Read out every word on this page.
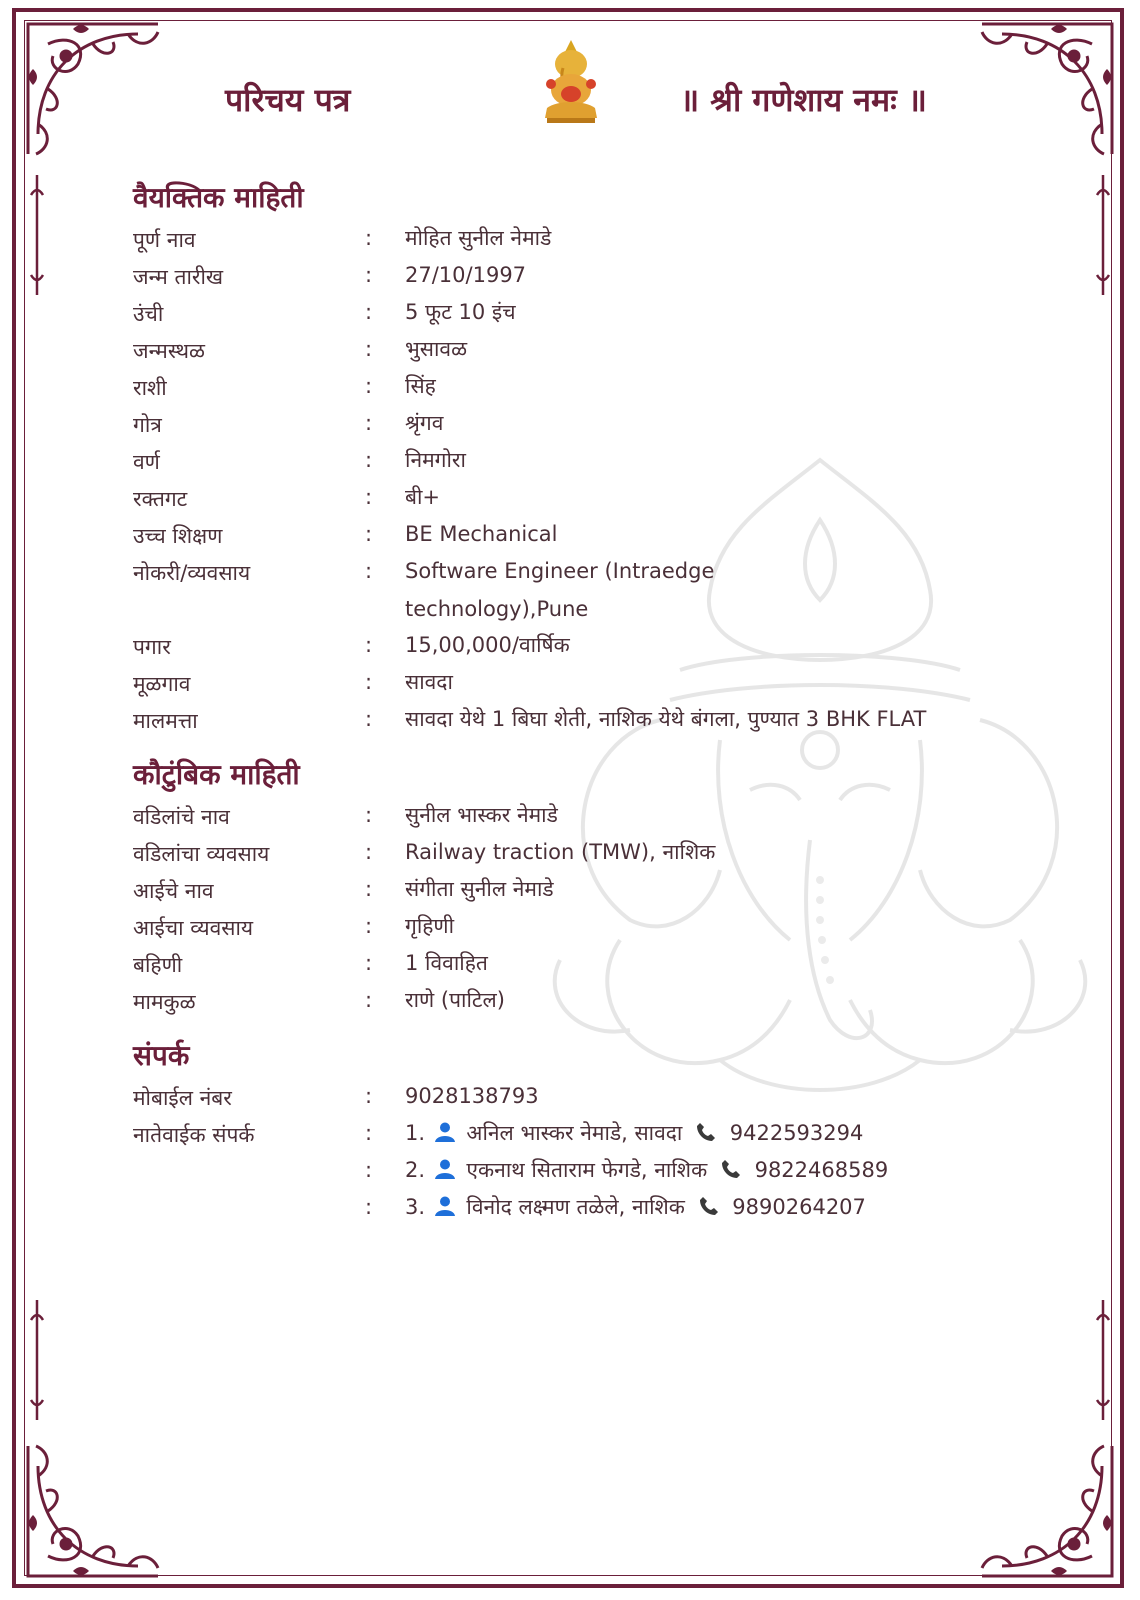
परिचय पत्र	॥ श्री गणेशाय नमः ॥
वैयक्तिक माहिती
पूर्ण नाव	: मोहित सुनील नेमाडे
जन्म तारीख	: 27/10/1997
उंची	: 5 फूट 10 इंच
जन्मस्थळ	: भुसावळ
राशी	: सिंह
गोत्र	: श्रृंगव
वर्ण	: निमगोरा
रक्तगट	: बी+
उच्च शिक्षण	: BE Mechanical
नोकरी/व्यवसाय	: Software Engineer (Intraedge technology),Pune
पगार	: 15,00,000/वार्षिक
मूळगाव	: सावदा
मालमत्ता	: सावदा येथे 1 बिघा शेती, नाशिक येथे बंगला, पुण्यात 3 BHK FLAT
कौटुंबिक माहिती
वडिलांचे नाव	: सुनील भास्कर नेमाडे
वडिलांचा व्यवसाय	: Railway traction (TMW), नाशिक
आईचे नाव	: संगीता सुनील नेमाडे
आईचा व्यवसाय	: गृहिणी
बहिणी	: 1 विवाहित
मामकुळ	: राणे (पाटिल)
संपर्क
मोबाईल नंबर	: 9028138793
नातेवाईक संपर्क	: 1. अनिल भास्कर नेमाडे, सावदा 9422593294
: 2. एकनाथ सिताराम फेगडे, नाशिक 9822468589
: 3. विनोद लक्ष्मण तळेले, नाशिक 9890264207
